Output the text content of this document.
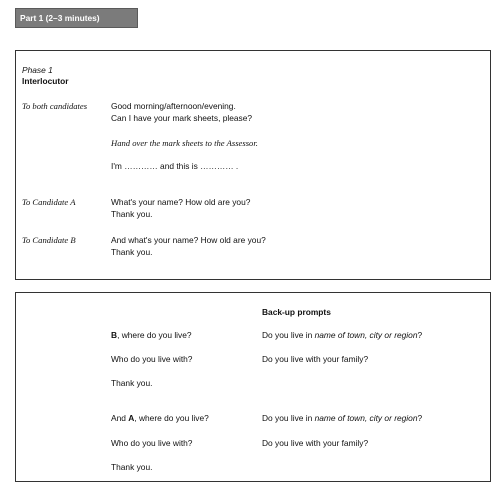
Part 1 (2–3 minutes)
Phase 1
Interlocutor
To both candidates	Good morning/afternoon/evening.
Can I have your mark sheets, please?
Hand over the mark sheets to the Assessor.
I'm ………… and this is ………… .
To Candidate A	What's your name? How old are you?
Thank you.
To Candidate B	And what's your name? How old are you?
Thank you.
Back-up prompts
B, where do you live?	Do you live in name of town, city or region?
Who do you live with?	Do you live with your family?
Thank you.
And A, where do you live?	Do you live in name of town, city or region?
Who do you live with?	Do you live with your family?
Thank you.
